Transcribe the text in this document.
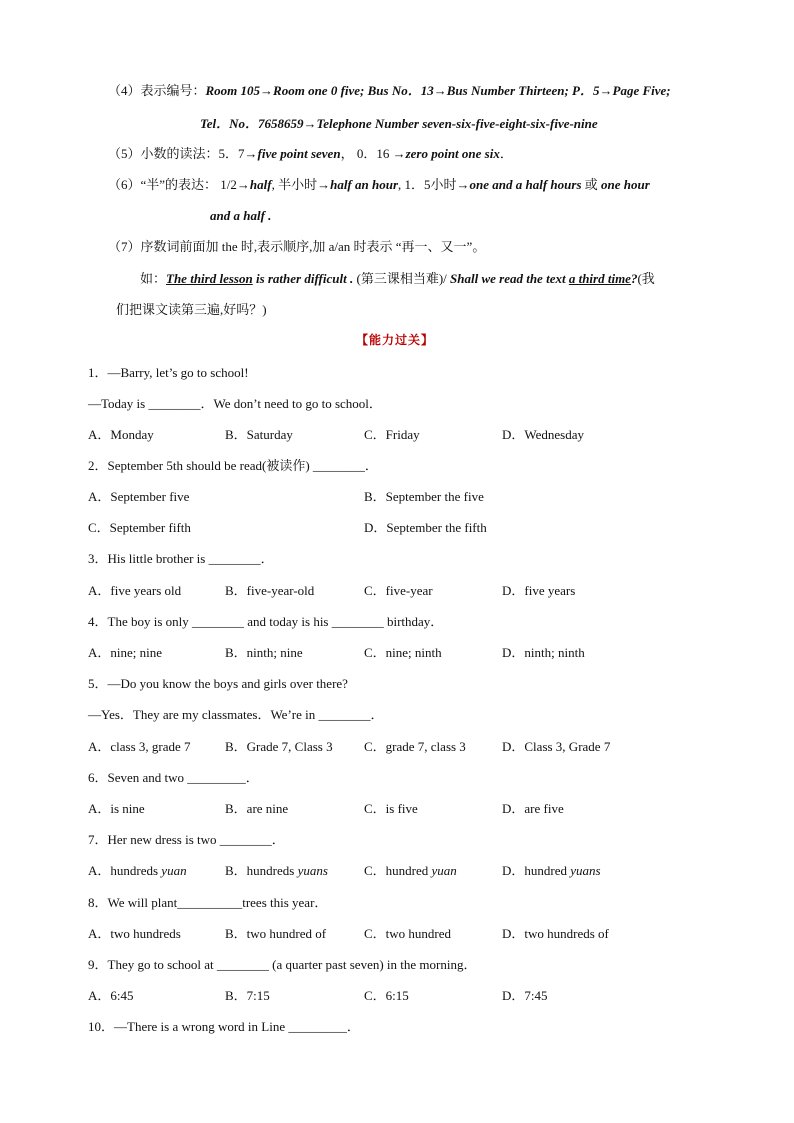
（4）表示编号：Room 105→Room one 0 five; Bus No．13→Bus Number Thirteen; P．5→Page Five;
Tel．No．7658659→Telephone Number seven-six-five-eight-six-five-nine
（5）小数的读法：5．7→five point seven， 0．16 →zero point one six．
（6）“半”的表达： 1/2→half, 半小时→half an hour, 1．5小时→one and a half hours 或 one hour
and a half .
（7）序数词前面加 the 时,表示顺序,加 a/an 时表示 “再一、又一”。
如：The third lesson is rather difficult . (第三课相当难)/ Shall we read the text a third time?(我
们把课文读第三遍,好吗？)
【能力过关】
1．—Barry, let’s go to school!
—Today is ________．We don’t need to go to school．
A．Monday	B．Saturday	C．Friday	D．Wednesday
2．September 5th should be read(被读作) ________．
A．September five	B．September the five
C．September fifth	D．September the fifth
3．His little brother is ________．
A．five years old	B．five-year-old	C．five-year	D．five years
4．The boy is only ________ and today is his ________ birthday．
A．nine; nine	B．ninth; nine	C．nine; ninth	D．ninth; ninth
5．—Do you know the boys and girls over there?
—Yes．They are my classmates．We’re in ________．
A．class 3, grade 7	B．Grade 7, Class 3 C．grade 7, class 3	D．Class 3, Grade 7
6．Seven and two _________．
A．is nine	B．are nine	C．is five	D．are five
7．Her new dress is two ________．
A．hundreds yuan	B．hundreds yuans	C．hundred yuan	D．hundred yuans
8．We will plant__________trees this year．
A．two hundreds	B．two hundred of	C．two hundred	D．two hundreds of
9．They go to school at ________ (a quarter past seven) in the morning．
A．6:45	B．7:15	C．6:15	D．7:45
10．—There is a wrong word in Line _________．
